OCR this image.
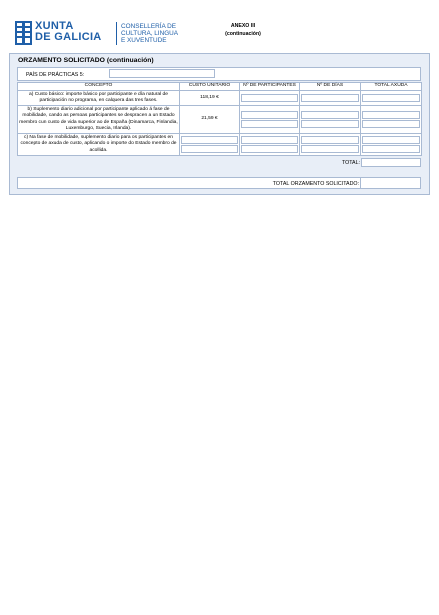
XUNTA
DE GALICIA
CONSELLERÍA DE
CULTURA, LINGUA
E XUVENTUDE
ANEXO III
(continuación)
ORZAMENTO SOLICITADO (continuación)
PAÍS DE PRÁCTICAS 5:
CONCEPTO	CUSTO UNITARIO	Nº DE PARTICIPANTES	Nº DE DÍAS	TOTAL AXUDA
a) Custo básico: importe básico por participante e día natural de participación no programa, en calquera das tres fases.	118,19 €	

b) Suplemento diario adicional por participante aplicado á fase de mobilidade, cando as persoas participantes se despracen a un Estado membro cun custo de vida superior ao de España (Dinamarca, Finlandia, Luxemburgo, Suecia, Irlanda).	21,59 €	

c) Na fase de mobilidade, suplemento diario para os participantes en concepto de axuda de custo, aplicando o importe do Estado membro de acollida.	

TOTAL:
TOTAL ORZAMENTO SOLICITADO:
